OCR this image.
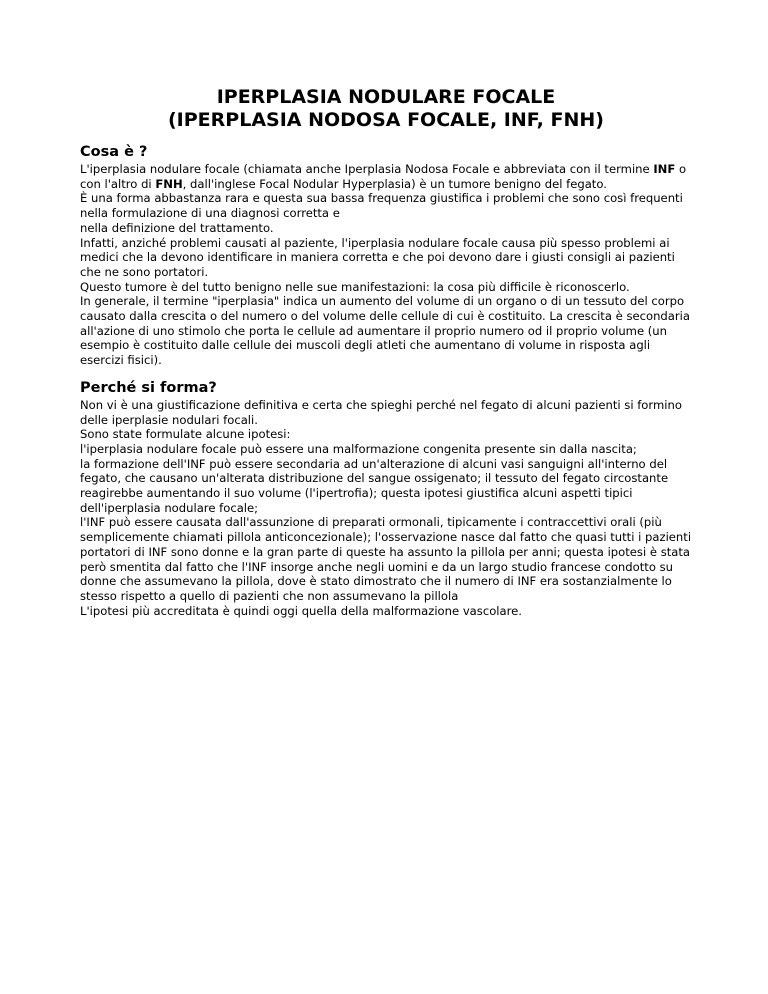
IPERPLASIA NODULARE FOCALE
(IPERPLASIA NODOSA FOCALE, INF, FNH)
Cosa è ?

L'iperplasia nodulare focale (chiamata anche Iperplasia Nodosa Focale e abbreviata con il termine INF o con l'altro di FNH, dall'inglese Focal Nodular Hyperplasia) è un tumore benigno del fegato.

È una forma abbastanza rara e questa sua bassa frequenza giustifica i problemi che sono così frequenti

nella formulazione di una diagnosi corretta e

nella definizione del trattamento.

Infatti, anziché problemi causati al paziente, l'iperplasia nodulare focale causa più spesso problemi ai medici che la devono identificare in maniera corretta e che poi devono dare i giusti consigli ai pazienti che ne sono portatori.

Questo tumore è del tutto benigno nelle sue manifestazioni: la cosa più difficile è riconoscerlo.

In generale, il termine "iperplasia" indica un aumento del volume di un organo o di un tessuto del corpo causato dalla crescita o del numero o del volume delle cellule di cui è costituito. La crescita è secondaria all'azione di uno stimolo che porta le cellule ad aumentare il proprio numero od il proprio volume (un esempio è costituito dalle cellule dei muscoli degli atleti che aumentano di volume in risposta agli esercizi fisici).

Perché si forma?

Non vi è una giustificazione definitiva e certa che spieghi perché nel fegato di alcuni pazienti si formino delle iperplasie nodulari focali.

Sono state formulate alcune ipotesi:

l'iperplasia nodulare focale può essere una malformazione congenita presente sin dalla nascita;

la formazione dell'INF può essere secondaria ad un'alterazione di alcuni vasi sanguigni all'interno del fegato, che causano un'alterata distribuzione del sangue ossigenato; il tessuto del fegato circostante reagirebbe aumentando il suo volume (l'ipertrofia); questa ipotesi giustifica alcuni aspetti tipici dell'iperplasia nodulare focale;

l'INF può essere causata dall'assunzione di preparati ormonali, tipicamente i contraccettivi orali (più semplicemente chiamati pillola anticoncezionale); l'osservazione nasce dal fatto che quasi tutti i pazienti portatori di INF sono donne e la gran parte di queste ha assunto la pillola per anni; questa ipotesi è stata però smentita dal fatto che l'INF insorge anche negli uomini e da un largo studio francese condotto su donne che assumevano la pillola, dove è stato dimostrato che il numero di INF era sostanzialmente lo stesso rispetto a quello di pazienti che non assumevano la pillola

L'ipotesi più accreditata è quindi oggi quella della malformazione vascolare.
